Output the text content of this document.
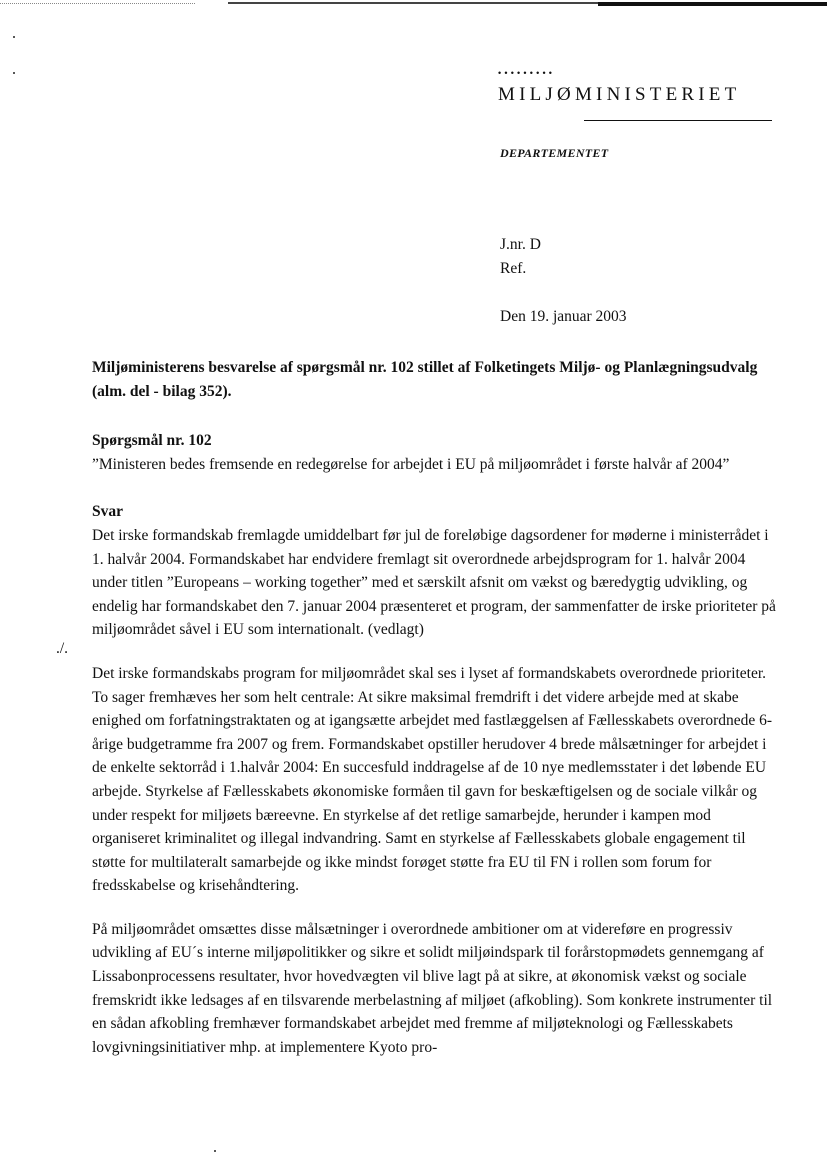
•••••••••
MILJØMINISTERIET
DEPARTEMENTET
J.nr. D
Ref.
Den 19. januar 2003
./.

Miljøministerens besvarelse af spørgsmål nr. 102 stillet af Folketingets Miljø- og Planlægningsudvalg (alm. del - bilag 352).

Spørgsmål nr. 102

”Ministeren bedes fremsende en redegørelse for arbejdet i EU på miljøområdet i første halvår af 2004”

Svar

Det irske formandskab fremlagde umiddelbart før jul de foreløbige dagsordener for møderne i ministerrådet i 1. halvår 2004. Formandskabet har endvidere fremlagt sit overordnede arbejdsprogram for 1. halvår 2004 under titlen ”Europeans – working together” med et særskilt afsnit om vækst og bæredygtig udvikling, og endelig har formandskabet den 7. januar 2004 præsenteret et program, der sammenfatter de irske prioriteter på miljøområdet såvel i EU som internationalt. (vedlagt)

Det irske formandskabs program for miljøområdet skal ses i lyset af formandskabets overordnede prioriteter. To sager fremhæves her som helt centrale: At sikre maksimal fremdrift i det videre arbejde med at skabe enighed om forfatningstraktaten og at igangsætte arbejdet med fastlæggelsen af Fællesskabets overordnede 6-årige budgetramme fra 2007 og frem. Formandskabet opstiller herudover 4 brede målsætninger for arbejdet i de enkelte sektorråd i 1.halvår 2004: En succesfuld inddragelse af de 10 nye medlemsstater i det løbende EU arbejde. Styrkelse af Fællesskabets økonomiske formåen til gavn for beskæftigelsen og de sociale vilkår og under respekt for miljøets bæreevne. En styrkelse af det retlige samarbejde, herunder i kampen mod organiseret kriminalitet og illegal indvandring. Samt en styrkelse af Fællesskabets globale engagement til støtte for multilateralt samarbejde og ikke mindst forøget støtte fra EU til FN i rollen som forum for fredsskabelse og krisehåndtering.

På miljøområdet omsættes disse målsætninger i overordnede ambitioner om at videreføre en progressiv udvikling af EU´s interne miljøpolitikker og sikre et solidt miljøindspark til forårstopmødets gennemgang af Lissabonprocessens resultater, hvor hovedvægten vil blive lagt på at sikre, at økonomisk vækst og sociale fremskridt ikke ledsages af en tilsvarende merbelastning af miljøet (afkobling). Som konkrete instrumenter til en sådan afkobling fremhæver formandskabet arbejdet med fremme af miljøteknologi og Fællesskabets lovgivningsinitiativer mhp. at implementere Kyoto pro-
